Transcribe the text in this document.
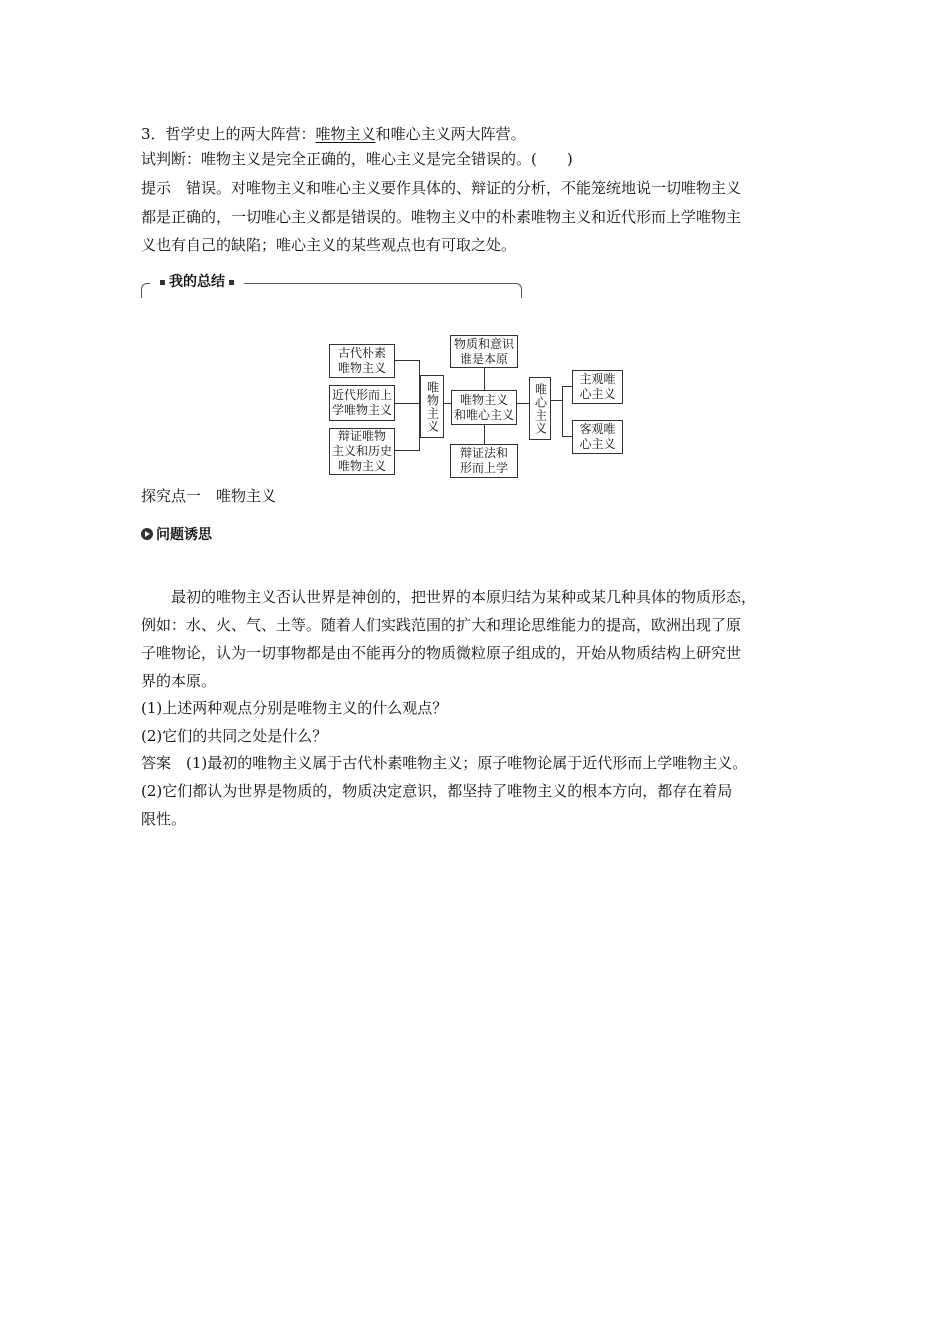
3．哲学史上的两大阵营：唯物主义和唯心主义两大阵营。
试判断：唯物主义是完全正确的，唯心主义是完全错误的。(　　)
提示　错误。对唯物主义和唯心主义要作具体的、辩证的分析，不能笼统地说一切唯物主义
都是正确的，一切唯心主义都是错误的。唯物主义中的朴素唯物主义和近代形而上学唯物主
义也有自己的缺陷；唯心主义的某些观点也有可取之处。
我的总结
古代朴素
唯物主义
近代形而上
学唯物主义
辩证唯物
主义和历史
唯物主义
唯物主义
物质和意识
谁是本原
唯物主义
和唯心主义
辩证法和
形而上学
唯心主义
主观唯
心主义
客观唯
心主义
探究点一　唯物主义
问题诱思
　　最初的唯物主义否认世界是神创的，把世界的本原归结为某种或某几种具体的物质形态，
例如：水、火、气、土等。随着人们实践范围的扩大和理论思维能力的提高，欧洲出现了原
子唯物论，认为一切事物都是由不能再分的物质微粒原子组成的，开始从物质结构上研究世
界的本原。
(1)上述两种观点分别是唯物主义的什么观点？
(2)它们的共同之处是什么？
答案　(1)最初的唯物主义属于古代朴素唯物主义；原子唯物论属于近代形而上学唯物主义。
(2)它们都认为世界是物质的，物质决定意识，都坚持了唯物主义的根本方向，都存在着局
限性。
